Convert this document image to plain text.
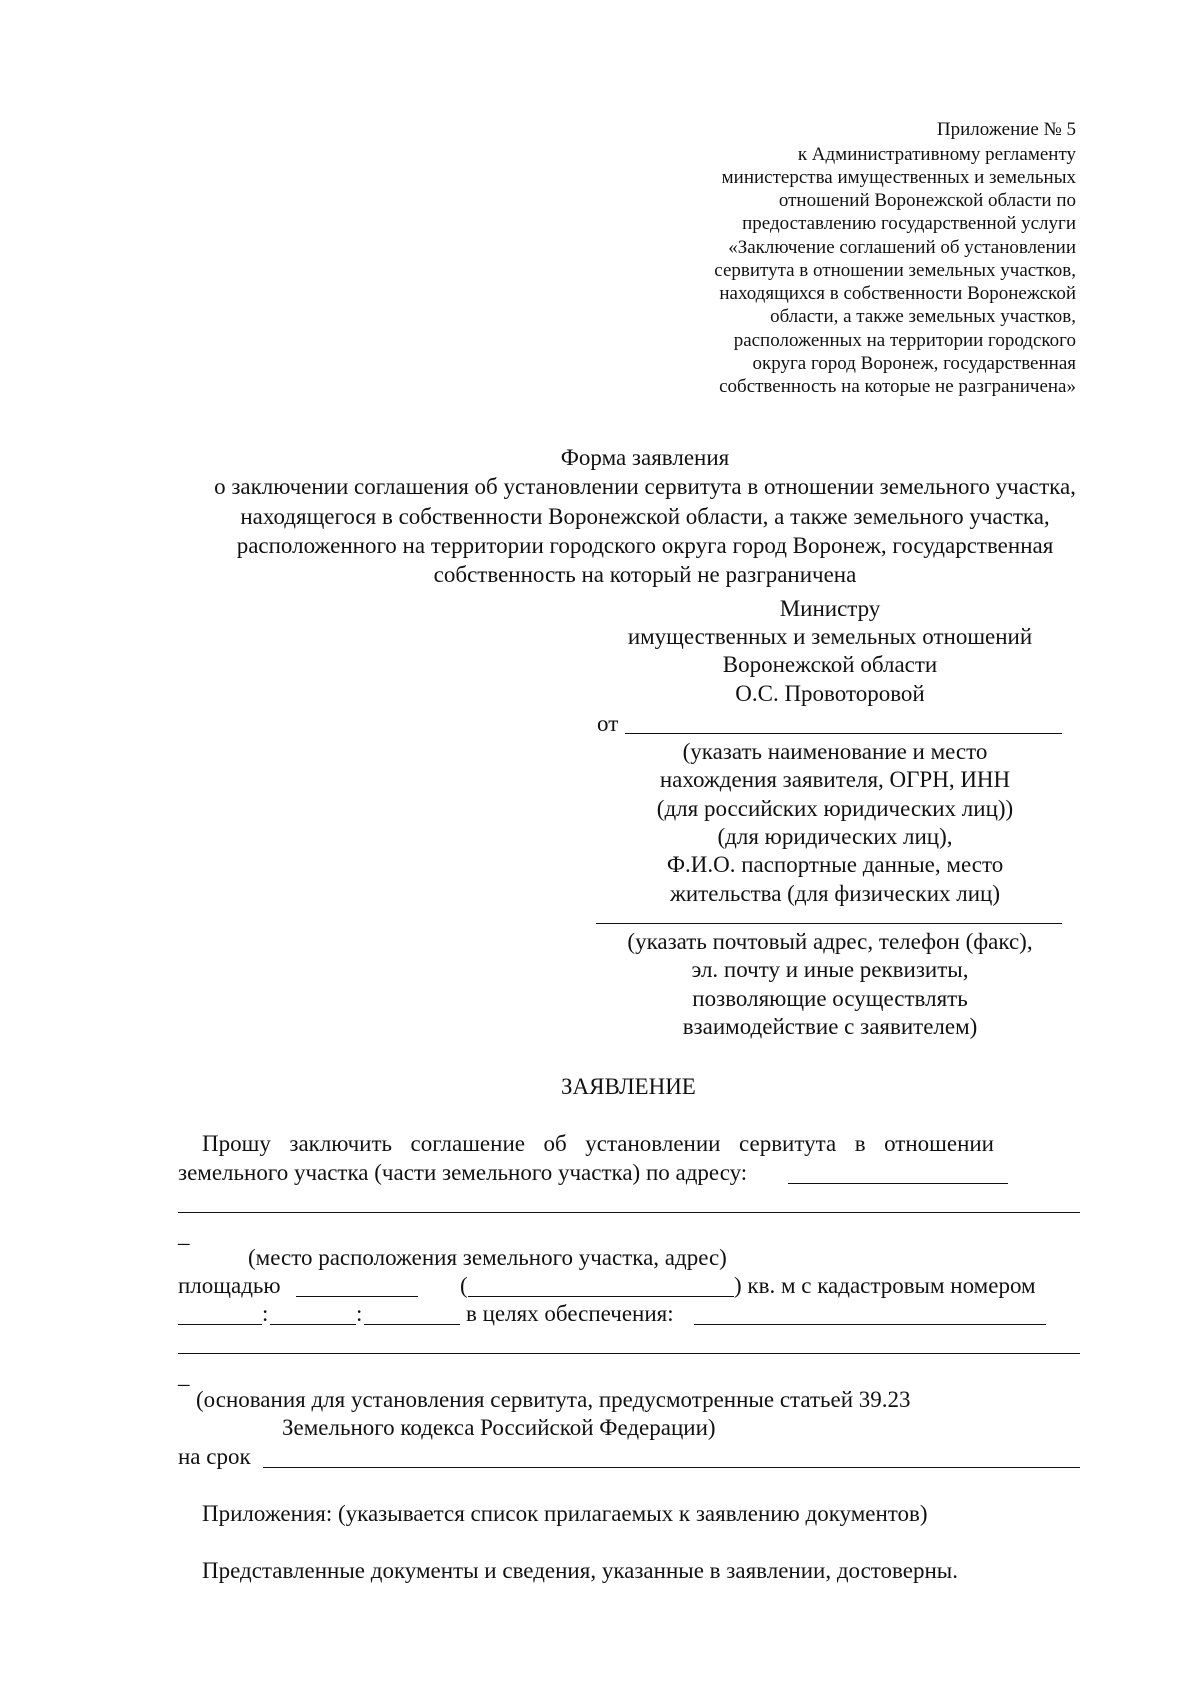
Приложение № 5
к Административному регламенту
министерства имущественных и земельных
отношений Воронежской области по
предоставлению государственной услуги
«Заключение соглашений об установлении
сервитута в отношении земельных участков,
находящихся в собственности Воронежской
области, а также земельных участков,
расположенных на территории городского
округа город Воронеж, государственная
собственность на которые не разграничена»
Форма заявления
о заключении соглашения об установлении сервитута в отношении земельного участка,
находящегося в собственности Воронежской области, а также земельного участка,
расположенного на территории городского округа город Воронеж, государственная
собственность на который не разграничена
Министру
имущественных и земельных отношений
Воронежской области
О.С. Провоторовой
от
(указать наименование и место
нахождения заявителя, ОГРН, ИНН
(для российских юридических лиц))
(для юридических лиц),
Ф.И.О. паспортные данные, место
жительства (для физических лиц)
(указать почтовый адрес, телефон (факс),
эл. почту и иные реквизиты,
позволяющие осуществлять
взаимодействие с заявителем)
ЗАЯВЛЕНИЕ
Прошу заключить соглашение об установлении сервитута в отношении
земельного участка (части земельного участка) по адресу:
_
(место расположения земельного участка, адрес)
площадью	(	) кв. м с кадастровым номером
:	:	в целях обеспечения:
_
(основания для установления сервитута, предусмотренные статьей 39.23
Земельного кодекса Российской Федерации)
на срок
Приложения: (указывается список прилагаемых к заявлению документов)
Представленные документы и сведения, указанные в заявлении, достоверны.
